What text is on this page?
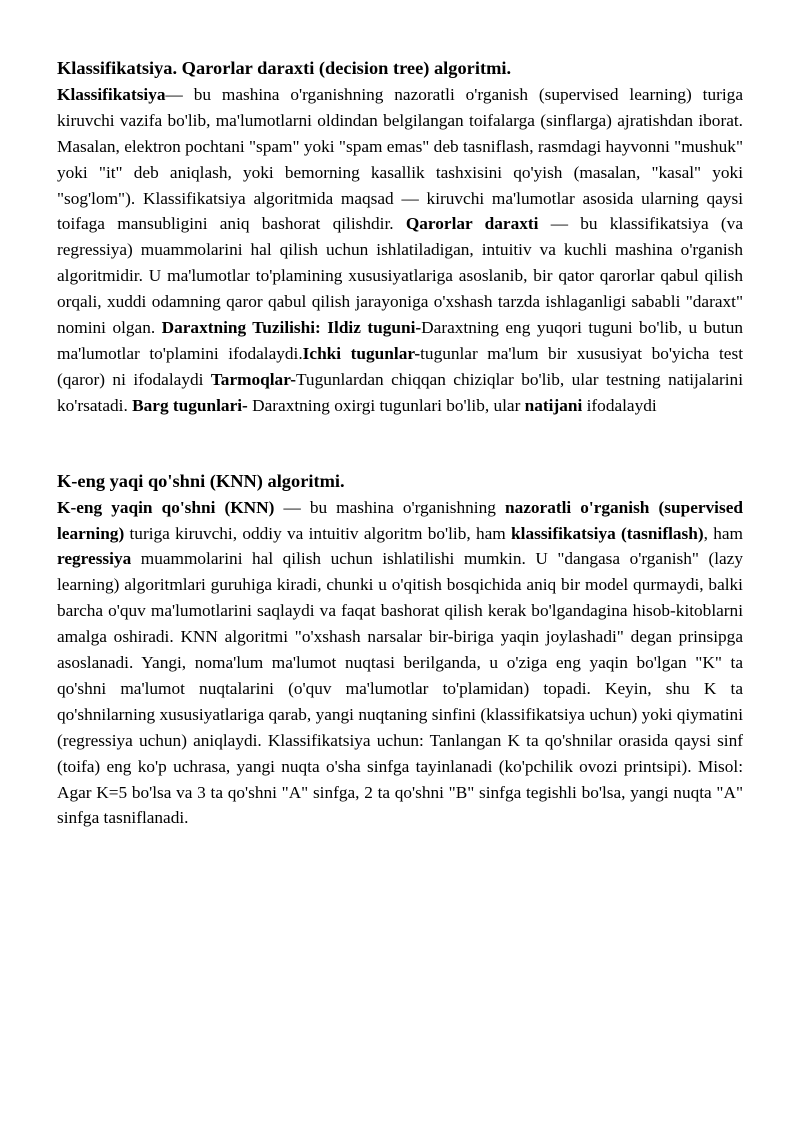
Klassifikatsiya. Qarorlar daraxti (decision tree) algoritmi.

Klassifikatsiya— bu mashina o'rganishning nazoratli o'rganish (supervised learning) turiga kiruvchi vazifa bo'lib, ma'lumotlarni oldindan belgilangan toifalarga (sinflarga) ajratishdan iborat. Masalan, elektron pochtani "spam" yoki "spam emas" deb tasniflash, rasmdagi hayvonni "mushuk" yoki "it" deb aniqlash, yoki bemorning kasallik tashxisini qo'yish (masalan, "kasal" yoki "sog'lom"). Klassifikatsiya algoritmida maqsad — kiruvchi ma'lumotlar asosida ularning qaysi toifaga mansubligini aniq bashorat qilishdir. Qarorlar daraxti — bu klassifikatsiya (va regressiya) muammolarini hal qilish uchun ishlatiladigan, intuitiv va kuchli mashina o'rganish algoritmidir. U ma'lumotlar to'plamining xususiyatlariga asoslanib, bir qator qarorlar qabul qilish orqali, xuddi odamning qaror qabul qilish jarayoniga o'xshash tarzda ishlaganligi sababli "daraxt" nomini olgan. Daraxtning Tuzilishi: Ildiz tuguni-Daraxtning eng yuqori tuguni bo'lib, u butun ma'lumotlar to'plamini ifodalaydi.Ichki tugunlar-tugunlar ma'lum bir xususiyat bo'yicha test (qaror) ni ifodalaydi Tarmoqlar-Tugunlardan chiqqan chiziqlar bo'lib, ular testning natijalarini ko'rsatadi. Barg tugunlari- Daraxtning oxirgi tugunlari bo'lib, ular natijani ifodalaydi

K-eng yaqi qo'shni (KNN) algoritmi.

K-eng yaqin qo'shni (KNN) — bu mashina o'rganishning nazoratli o'rganish (supervised learning) turiga kiruvchi, oddiy va intuitiv algoritm bo'lib, ham klassifikatsiya (tasniflash), ham regressiya muammolarini hal qilish uchun ishlatilishi mumkin. U "dangasa o'rganish" (lazy learning) algoritmlari guruhiga kiradi, chunki u o'qitish bosqichida aniq bir model qurmaydi, balki barcha o'quv ma'lumotlarini saqlaydi va faqat bashorat qilish kerak bo'lgandagina hisob-kitoblarni amalga oshiradi. KNN algoritmi "o'xshash narsalar bir-biriga yaqin joylashadi" degan prinsipga asoslanadi. Yangi, noma'lum ma'lumot nuqtasi berilganda, u o'ziga eng yaqin bo'lgan "K" ta qo'shni ma'lumot nuqtalarini (o'quv ma'lumotlar to'plamidan) topadi. Keyin, shu K ta qo'shnilarning xususiyatlariga qarab, yangi nuqtaning sinfini (klassifikatsiya uchun) yoki qiymatini (regressiya uchun) aniqlaydi. Klassifikatsiya uchun: Tanlangan K ta qo'shnilar orasida qaysi sinf (toifa) eng ko'p uchrasa, yangi nuqta o'sha sinfga tayinlanadi (ko'pchilik ovozi printsipi). Misol: Agar K=5 bo'lsa va 3 ta qo'shni "A" sinfga, 2 ta qo'shni "B" sinfga tegishli bo'lsa, yangi nuqta "A" sinfga tasniflanadi.
